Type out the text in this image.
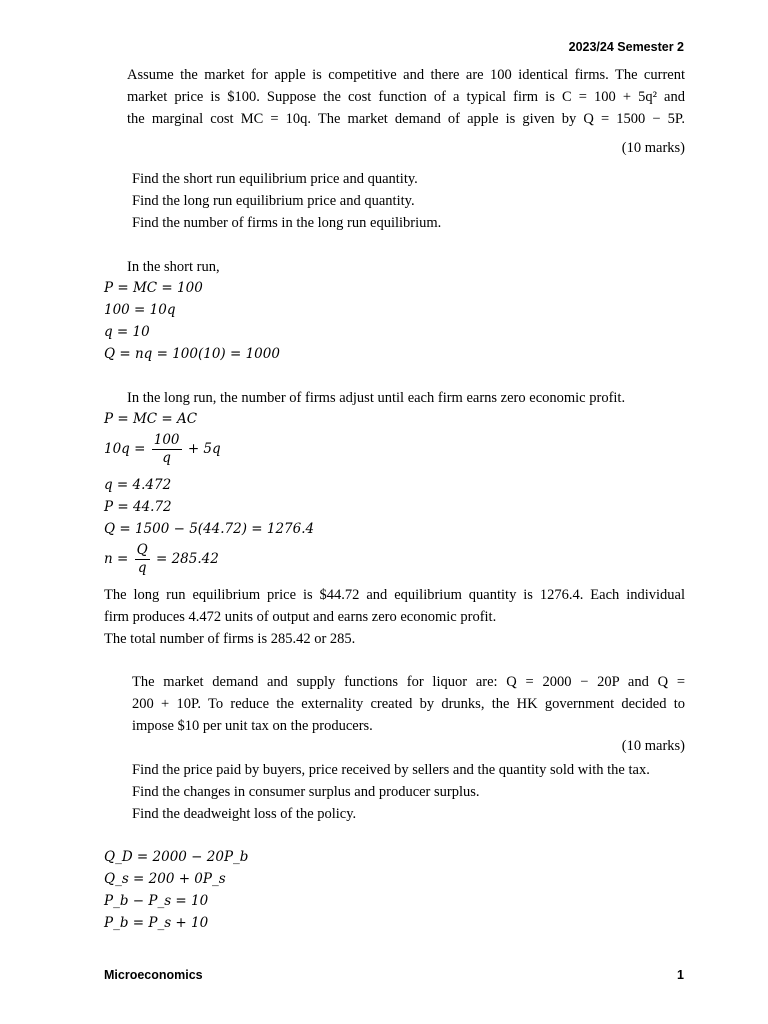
2023/24 Semester 2
Assume the market for apple is competitive and there are 100 identical firms. The current
market price is $100. Suppose the cost function of a typical firm is C = 100 + 5q² and
the marginal cost MC = 10q. The market demand of apple is given by Q = 1500 − 5P.
(10 marks)
Find the short run equilibrium price and quantity.
Find the long run equilibrium price and quantity.
Find the number of firms in the long run equilibrium.
In the short run,
P = MC = 100
100 = 10q
q = 10
Q = nq = 100(10) = 1000
In the long run, the number of firms adjust until each firm earns zero economic profit.
P = MC = AC
$10q = \frac{100}{q} + 5q$
q = 4.472
P = 44.72
Q = 1500 − 5(44.72) = 1276.4
$n = \frac{Q}{q} = 285.42$
The long run equilibrium price is $44.72 and equilibrium quantity is 1276.4. Each individual
firm produces 4.472 units of output and earns zero economic profit.
The total number of firms is 285.42 or 285.
The market demand and supply functions for liquor are: Q = 2000 − 20P and Q =
200 + 10P. To reduce the externality created by drunks, the HK government decided to
impose $10 per unit tax on the producers.
(10 marks)
Find the price paid by buyers, price received by sellers and the quantity sold with the tax.
Find the changes in consumer surplus and producer surplus.
Find the deadweight loss of the policy.
Q_D = 2000 − 20P_b
Q_s = 200 + 0P_s
P_b − P_s = 10
P_b = P_s + 10
Microeconomics	1
